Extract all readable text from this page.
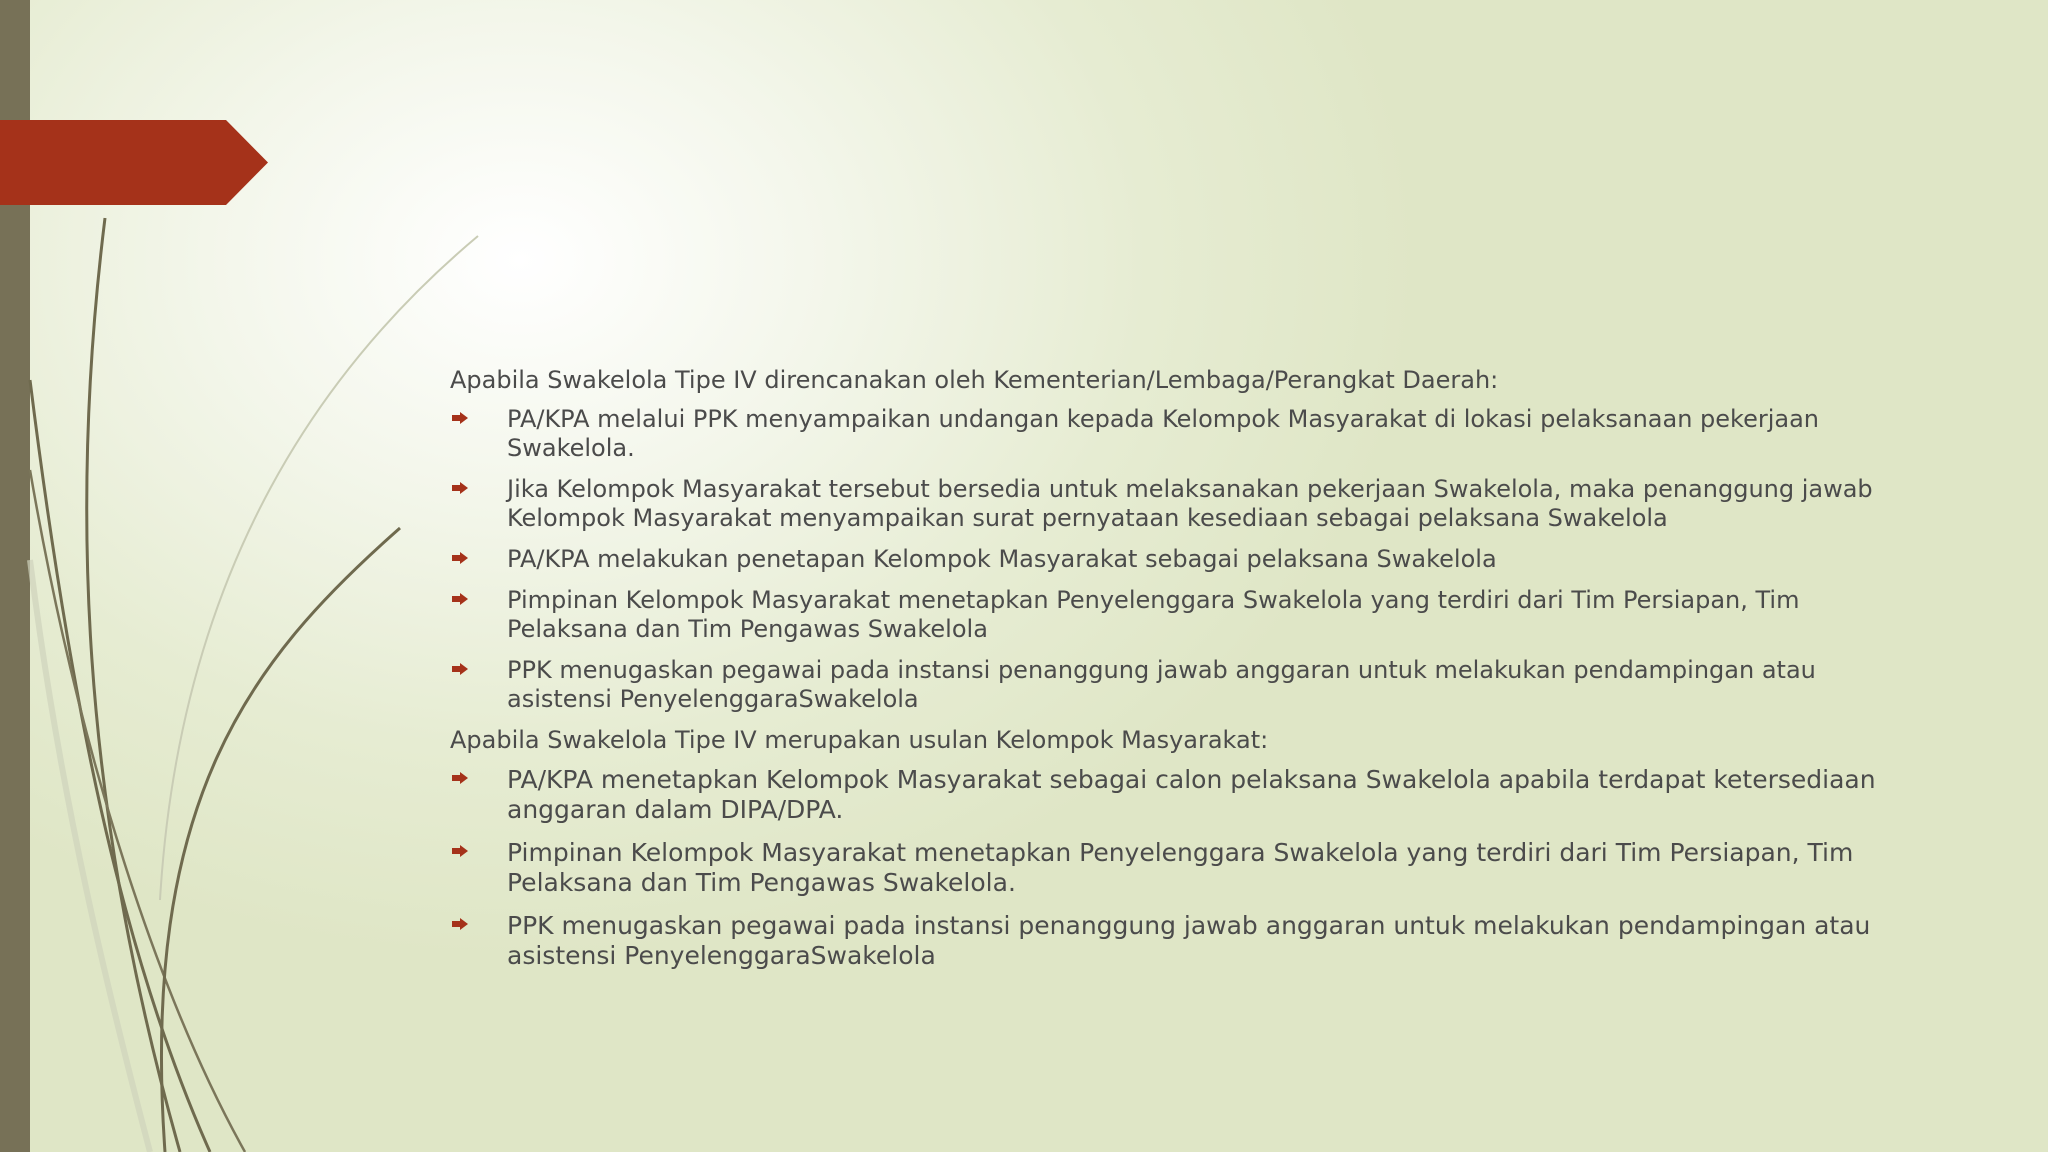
Apabila Swakelola Tipe IV direncanakan oleh Kementerian/Lembaga/Perangkat Daerah:

PA/KPA melalui PPK menyampaikan undangan kepada Kelompok Masyarakat di lokasi pelaksanaan pekerjaan Swakelola.
Jika Kelompok Masyarakat tersebut bersedia untuk melaksanakan pekerjaan Swakelola, maka penanggung jawab Kelompok Masyarakat menyampaikan surat pernyataan kesediaan sebagai pelaksana Swakelola
PA/KPA melakukan penetapan Kelompok Masyarakat sebagai pelaksana Swakelola
Pimpinan Kelompok Masyarakat menetapkan Penyelenggara Swakelola yang terdiri dari Tim Persiapan, Tim Pelaksana dan Tim Pengawas Swakelola
PPK menugaskan pegawai pada instansi penanggung jawab anggaran untuk melakukan pendampingan atau asistensi PenyelenggaraSwakelola

Apabila Swakelola Tipe IV merupakan usulan Kelompok Masyarakat:

PA/KPA menetapkan Kelompok Masyarakat sebagai calon pelaksana Swakelola apabila terdapat ketersediaan anggaran dalam DIPA/DPA.
Pimpinan Kelompok Masyarakat menetapkan Penyelenggara Swakelola yang terdiri dari Tim Persiapan, Tim Pelaksana dan Tim Pengawas Swakelola.
PPK menugaskan pegawai pada instansi penanggung jawab anggaran untuk melakukan pendampingan atau asistensi PenyelenggaraSwakelola
